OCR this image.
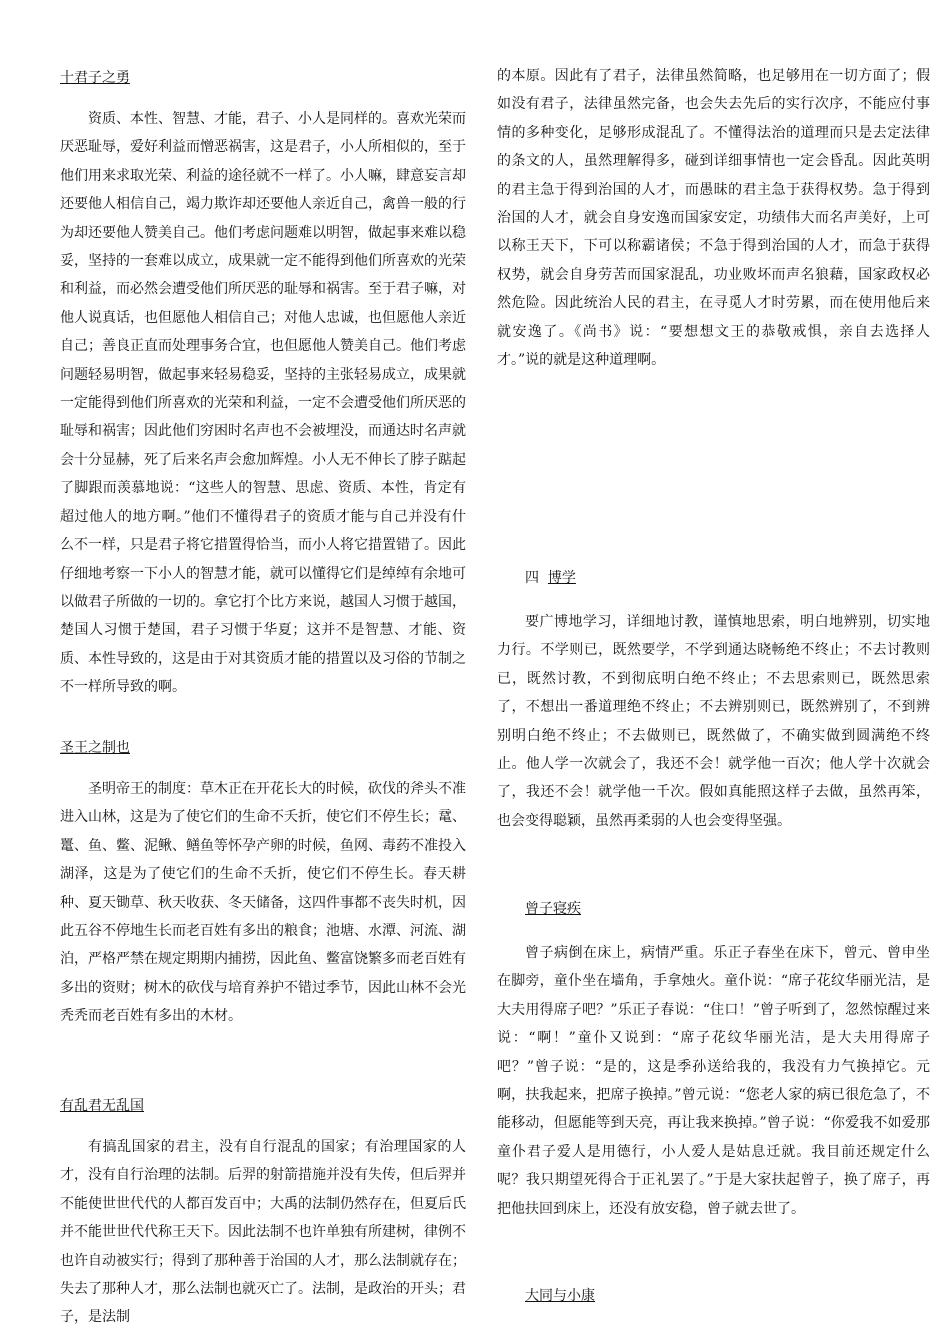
十君子之勇

资质、本性、智慧、才能，君子、小人是同样的。喜欢光荣而厌恶耻辱，爱好利益而憎恶祸害，这是君子，小人所相似的，至于他们用来求取光荣、利益的途径就不一样了。小人嘛，肆意妄言却还要他人相信自己，竭力欺诈却还要他人亲近自己，禽兽一般的行为却还要他人赞美自己。他们考虑问题难以明智，做起事来难以稳妥，坚持的一套难以成立，成果就一定不能得到他们所喜欢的光荣和利益，而必然会遭受他们所厌恶的耻辱和祸害。至于君子嘛，对他人说真话，也但愿他人相信自己；对他人忠诚，也但愿他人亲近自己；善良正直而处理事务合宜，也但愿他人赞美自己。他们考虑问题轻易明智，做起事来轻易稳妥，坚持的主张轻易成立，成果就一定能得到他们所喜欢的光荣和利益，一定不会遭受他们所厌恶的耻辱和祸害；因此他们穷困时名声也不会被埋没，而通达时名声就会十分显赫，死了后来名声会愈加辉煌。小人无不伸长了脖子踮起了脚跟而羡慕地说：“这些人的智慧、思虑、资质、本性，肯定有超过他人的地方啊。”他们不懂得君子的资质才能与自己并没有什么不一样，只是君子将它措置得恰当，而小人将它措置错了。因此仔细地考察一下小人的智慧才能，就可以懂得它们是绰绰有余地可以做君子所做的一切的。拿它打个比方来说，越国人习惯于越国，楚国人习惯于楚国，君子习惯于华夏；这并不是智慧、才能、资质、本性导致的，这是由于对其资质才能的措置以及习俗的节制之不一样所导致的啊。

圣王之制也

圣明帝王的制度：草木正在开花长大的时候，砍伐的斧头不准进入山林，这是为了使它们的生命不夭折，使它们不停生长；鼋、鼍、鱼、鳖、泥鳅、鳝鱼等怀孕产卵的时候，鱼网、毒药不准投入湖泽，这是为了使它们的生命不夭折，使它们不停生长。春天耕种、夏天锄草、秋天收获、冬天储备，这四件事都不丧失时机，因此五谷不停地生长而老百姓有多出的粮食；池塘、水潭、河流、湖泊，严格严禁在规定期期内捕捞，因此鱼、鳖富饶繁多而老百姓有多出的资财；树木的砍伐与培育养护不错过季节，因此山林不会光秃秃而老百姓有多出的木材。

有乱君无乱国

有搞乱国家的君主，没有自行混乱的国家；有治理国家的人才，没有自行治理的法制。后羿的射箭措施并没有失传，但后羿并不能使世世代代的人都百发百中；大禹的法制仍然存在，但夏后氏并不能世世代代称王天下。因此法制不也许单独有所建树，律例不也许自动被实行；得到了那种善于治国的人才，那么法制就存在；失去了那种人才，那么法制也就灭亡了。法制，是政治的开头；君子，是法制

的本原。因此有了君子，法律虽然简略，也足够用在一切方面了；假如没有君子，法律虽然完备，也会失去先后的实行次序，不能应付事情的多种变化，足够形成混乱了。不懂得法治的道理而只是去定法律的条文的人，虽然理解得多，碰到详细事情也一定会昏乱。因此英明的君主急于得到治国的人才，而愚昧的君主急于获得权势。急于得到治国的人才，就会自身安逸而国家安定，功绩伟大而名声美好，上可以称王天下，下可以称霸诸侯；不急于得到治国的人才，而急于获得权势，就会自身劳苦而国家混乱，功业败坏而声名狼藉，国家政权必然危险。因此统治人民的君主，在寻觅人才时劳累，而在使用他后来就安逸了。《尚书》说：“要想想文王的恭敬戒惧，亲自去选择人才。”说的就是这种道理啊。

四 博学

要广博地学习，详细地讨教，谨慎地思索，明白地辨别，切实地力行。不学则已，既然要学，不学到通达晓畅绝不终止；不去讨教则已，既然讨教，不到彻底明白绝不终止；不去思索则已，既然思索了，不想出一番道理绝不终止；不去辨别则已，既然辨别了，不到辨别明白绝不终止；不去做则已，既然做了，不确实做到圆满绝不终止。他人学一次就会了，我还不会！就学他一百次；他人学十次就会了，我还不会！就学他一千次。假如真能照这样子去做，虽然再笨，也会变得聪颖，虽然再柔弱的人也会变得坚强。

曾子寝疾

曾子病倒在床上，病情严重。乐正子春坐在床下，曾元、曾申坐在脚旁，童仆坐在墙角，手拿烛火。童仆说：“席子花纹华丽光洁，是大夫用得席子吧？”乐正子春说：“住口！”曾子听到了，忽然惊醒过来说：“啊！”童仆又说到：“席子花纹华丽光洁，是大夫用得席子吧？”曾子说：“是的，这是季孙送给我的，我没有力气换掉它。元啊，扶我起来，把席子换掉。”曾元说：“您老人家的病已很危急了，不能移动，但愿能等到天亮，再让我来换掉。”曾子说：“你爱我不如爱那童仆君子爱人是用德行，小人爱人是姑息迁就。我目前还规定什么呢？我只期望死得合于正礼罢了。”于是大家扶起曾子，换了席子，再把他扶回到床上，还没有放安稳，曾子就去世了。

大同与小康
